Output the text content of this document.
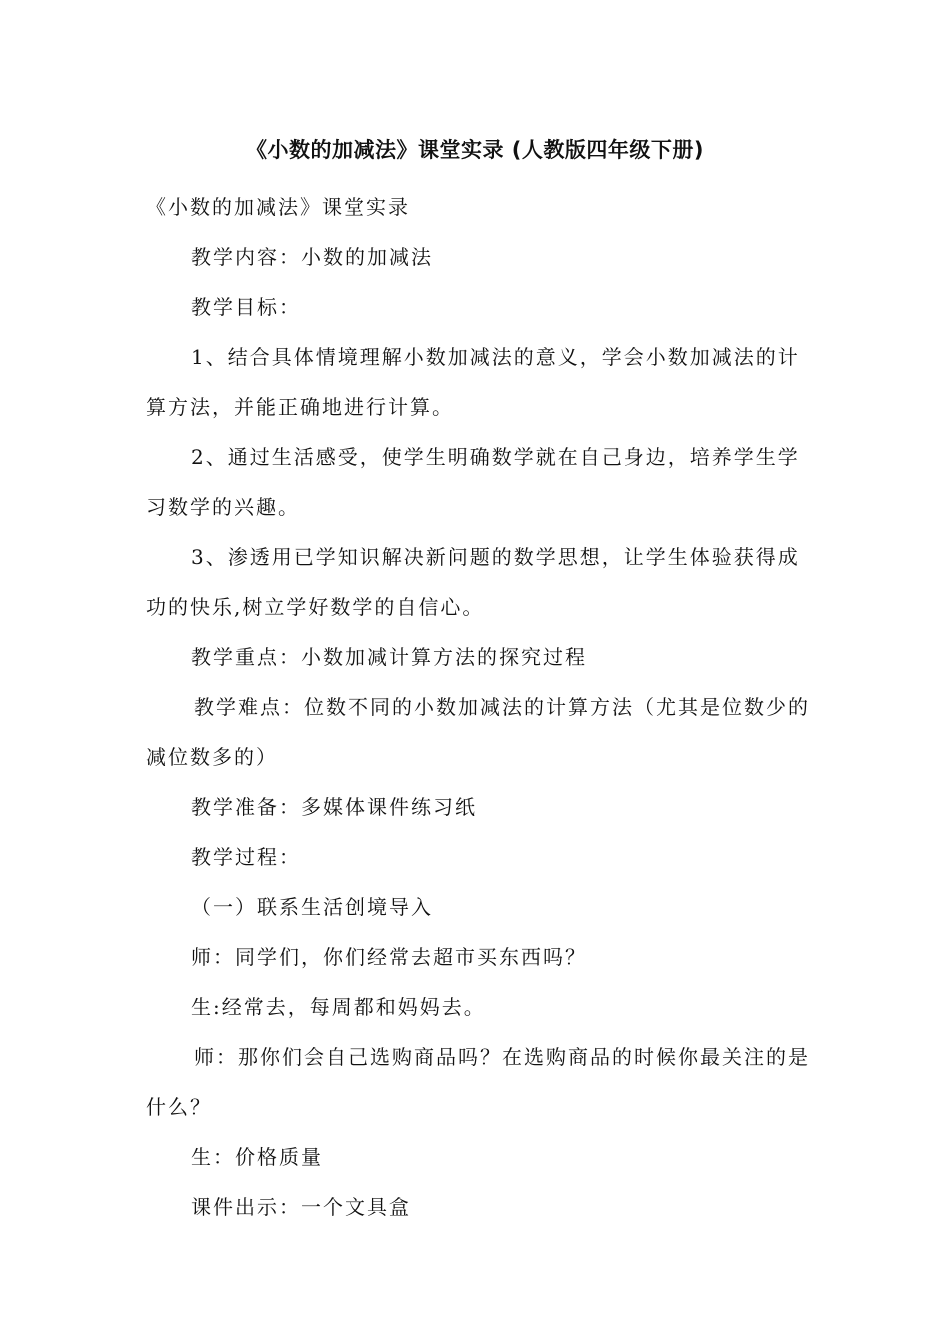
《小数的加减法》课堂实录 (人教版四年级下册)

《小数的加减法》课堂实录

教学内容：小数的加减法

教学目标：

1、结合具体情境理解小数加减法的意义，学会小数加减法的计算方法，并能正确地进行计算。

2、通过生活感受，使学生明确数学就在自己身边，培养学生学习数学的兴趣。

3、渗透用已学知识解决新问题的数学思想，让学生体验获得成功的快乐,树立学好数学的自信心。

教学重点：小数加减计算方法的探究过程

教学难点：位数不同的小数加减法的计算方法（尤其是位数少的减位数多的）

教学准备：多媒体课件练习纸

教学过程：

（一）联系生活创境导入

师：同学们，你们经常去超市买东西吗？

生:经常去，每周都和妈妈去。

师：那你们会自己选购商品吗？在选购商品的时候你最关注的是什么？

生：价格质量

课件出示：一个文具盒
